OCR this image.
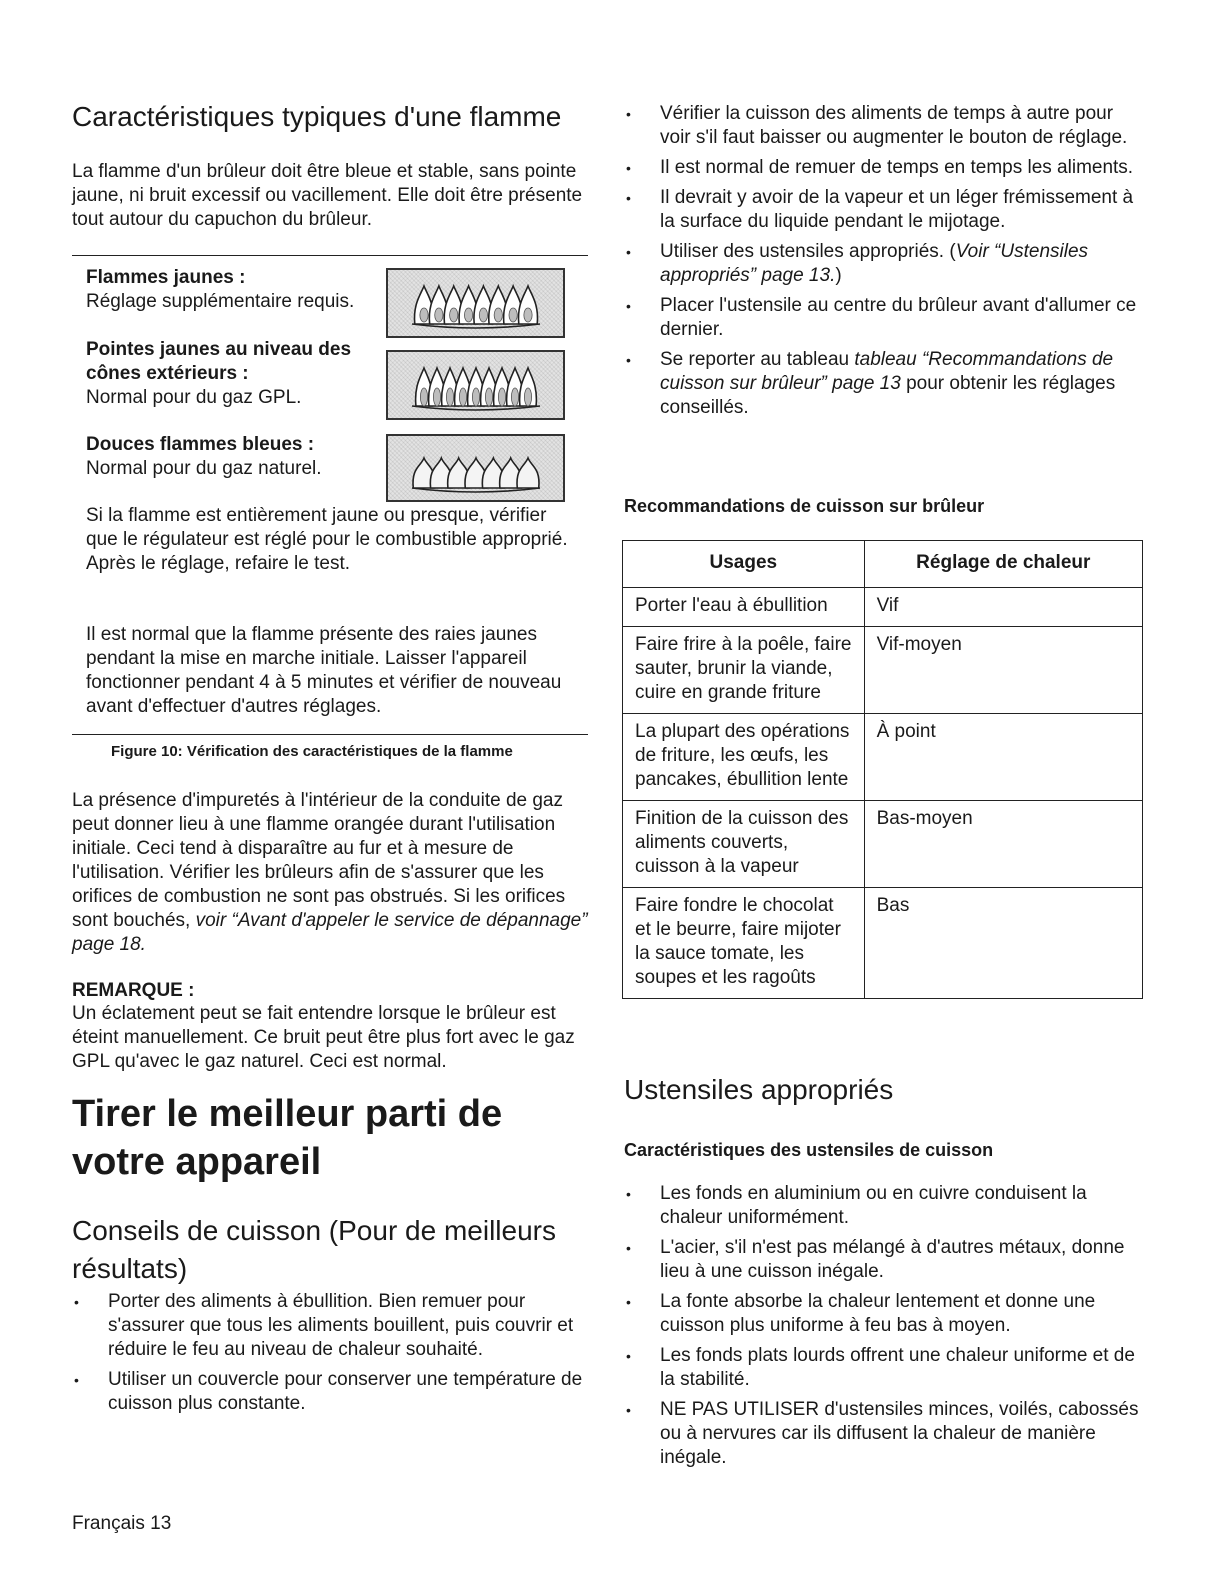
Caractéristiques typiques d'une flamme

La flamme d'un brûleur doit être bleue et stable, sans pointe jaune, ni bruit excessif ou vacillement. Elle doit être présente tout autour du capuchon du brûleur.

Flammes jaunes :
Réglage supplémentaire requis.
Pointes jaunes au niveau des cônes extérieurs :
Normal pour du gaz GPL.
Douces flammes bleues :
Normal pour du gaz naturel.

Si la flamme est entièrement jaune ou presque, vérifier que le régulateur est réglé pour le combustible approprié. Après le réglage, refaire le test.

Il est normal que la flamme présente des raies jaunes pendant la mise en marche initiale. Laisser l'appareil fonctionner pendant 4 à 5 minutes et vérifier de nouveau avant d'effectuer d'autres réglages.

Figure 10: Vérification des caractéristiques de la flamme

La présence d'impuretés à l'intérieur de la conduite de gaz peut donner lieu à une flamme orangée durant l'utilisation initiale. Ceci tend à disparaître au fur et à mesure de l'utilisation. Vérifier les brûleurs afin de s'assurer que les orifices de combustion ne sont pas obstrués. Si les orifices sont bouchés, voir “Avant d'appeler le service de dépannage” page 18.

REMARQUE :

Un éclatement peut se fait entendre lorsque le brûleur est éteint manuellement. Ce bruit peut être plus fort avec le gaz GPL qu'avec le gaz naturel. Ceci est normal.

Tirer le meilleur parti de votre appareil
Conseils de cuisson (Pour de meilleurs résultats)
• Porter des aliments à ébullition. Bien remuer pour s'assurer que tous les aliments bouillent, puis couvrir et réduire le feu au niveau de chaleur souhaité.
• Utiliser un couvercle pour conserver une température de cuisson plus constante.
Français 13
• Vérifier la cuisson des aliments de temps à autre pour voir s'il faut baisser ou augmenter le bouton de réglage.
• Il est normal de remuer de temps en temps les aliments.
• Il devrait y avoir de la vapeur et un léger frémissement à la surface du liquide pendant le mijotage.
• Utiliser des ustensiles appropriés. (Voir “Ustensiles appropriés” page 13.)
• Placer l'ustensile au centre du brûleur avant d'allumer ce dernier.
• Se reporter au tableau tableau “Recommandations de cuisson sur brûleur” page 13 pour obtenir les réglages conseillés.
Recommandations de cuisson sur brûleur
Usages	Réglage de chaleur
Porter l'eau à ébullition	Vif
Faire frire à la poêle, faire sauter, brunir la viande, cuire en grande friture	Vif-moyen
La plupart des opérations de friture, les œufs, les pancakes, ébullition lente	À point
Finition de la cuisson des aliments couverts, cuisson à la vapeur	Bas-moyen
Faire fondre le chocolat et le beurre, faire mijoter la sauce tomate, les soupes et les ragoûts	Bas
Ustensiles appropriés
Caractéristiques des ustensiles de cuisson
• Les fonds en aluminium ou en cuivre conduisent la chaleur uniformément.
• L'acier, s'il n'est pas mélangé à d'autres métaux, donne lieu à une cuisson inégale.
• La fonte absorbe la chaleur lentement et donne une cuisson plus uniforme à feu bas à moyen.
• Les fonds plats lourds offrent une chaleur uniforme et de la stabilité.
• NE PAS UTILISER d'ustensiles minces, voilés, cabossés ou à nervures car ils diffusent la chaleur de manière inégale.
